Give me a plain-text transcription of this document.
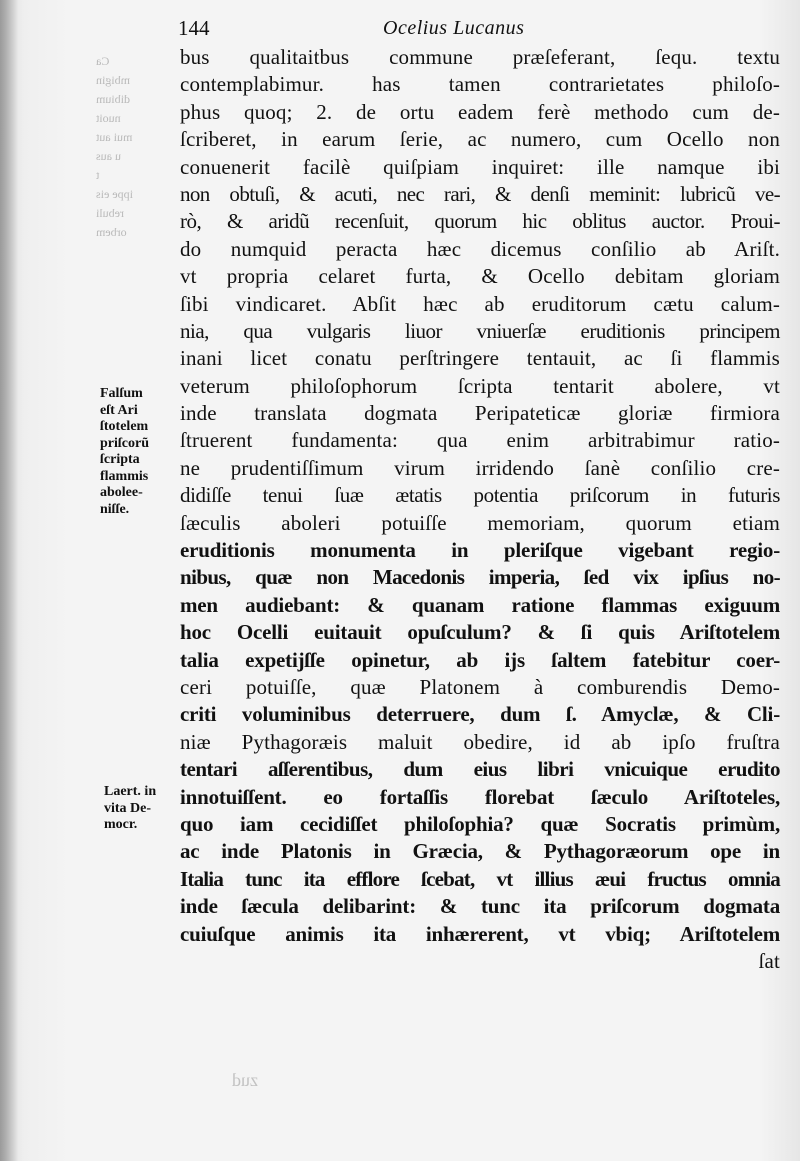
Ca
mbigin
dibium
nuoit
mui aut
u aus
t
ippe eis
rebuli
orbem
zud
144	Ocelius Lucanus
Falſum
eſt Ari
ſtotelem
priſcorũ
ſcripta
flammis
abolee-
niſſe.
Laert. in
vita De-
mocr.
bus qualitaitbus commune præſeferant, ſequ. textu
contemplabimur. has tamen contrarietates philoſo-
phus quoq; 2. de ortu eadem ferè methodo cum de-
ſcriberet, in earum ſerie, ac numero, cum Ocello non
conuenerit facilè quiſpiam inquiret: ille namque ibi
non obtuſi, & acuti, nec rari, & denſi meminit: lubricũ ve-
rò, & aridũ recenſuit, quorum hic oblitus auctor. Proui-
do numquid peracta hæc dicemus conſilio ab Ariſt.
vt propria celaret furta, & Ocello debitam gloriam
ſibi vindicaret. Abſit hæc ab eruditorum cætu calum-
nia, qua vulgaris liuor vniuerſæ eruditionis principem
inani licet conatu perſtringere tentauit, ac ſi flammis
veterum philoſophorum ſcripta tentarit abolere, vt
inde translata dogmata Peripateticæ gloriæ firmiora
ſtruerent fundamenta: qua enim arbitrabimur ratio-
ne prudentiſſimum virum irridendo ſanè conſilio cre-
didiſſe tenui ſuæ ætatis potentia priſcorum in futuris
ſæculis aboleri potuiſſe memoriam, quorum etiam
eruditionis monumenta in pleriſque vigebant regio-
nibus, quæ non Macedonis imperia, ſed vix ipſius no-
men audiebant: & quanam ratione flammas exiguum
hoc Ocelli euitauit opuſculum? & ſi quis Ariſtotelem
talia expetijſſe opinetur, ab ijs ſaltem fatebitur coer-
ceri potuiſſe, quæ Platonem à comburendis Demo-
criti voluminibus deterruere, dum ſ. Amyclæ, & Cli-
niæ Pythagoræis maluit obedire, id ab ipſo fruſtra
tentari aſſerentibus, dum eius libri vnicuique erudito
innotuiſſent. eo fortaſſis florebat ſæculo Ariſtoteles,
quo iam cecidiſſet philoſophia? quæ Socratis primùm,
ac inde Platonis in Græcia, & Pythagoræorum ope in
Italia tunc ita efflore ſcebat, vt illius æui fructus omnia
inde ſæcula delibarint: & tunc ita priſcorum dogmata
cuiuſque animis ita inhærerent, vt vbiq; Ariſtotelem
ſat
